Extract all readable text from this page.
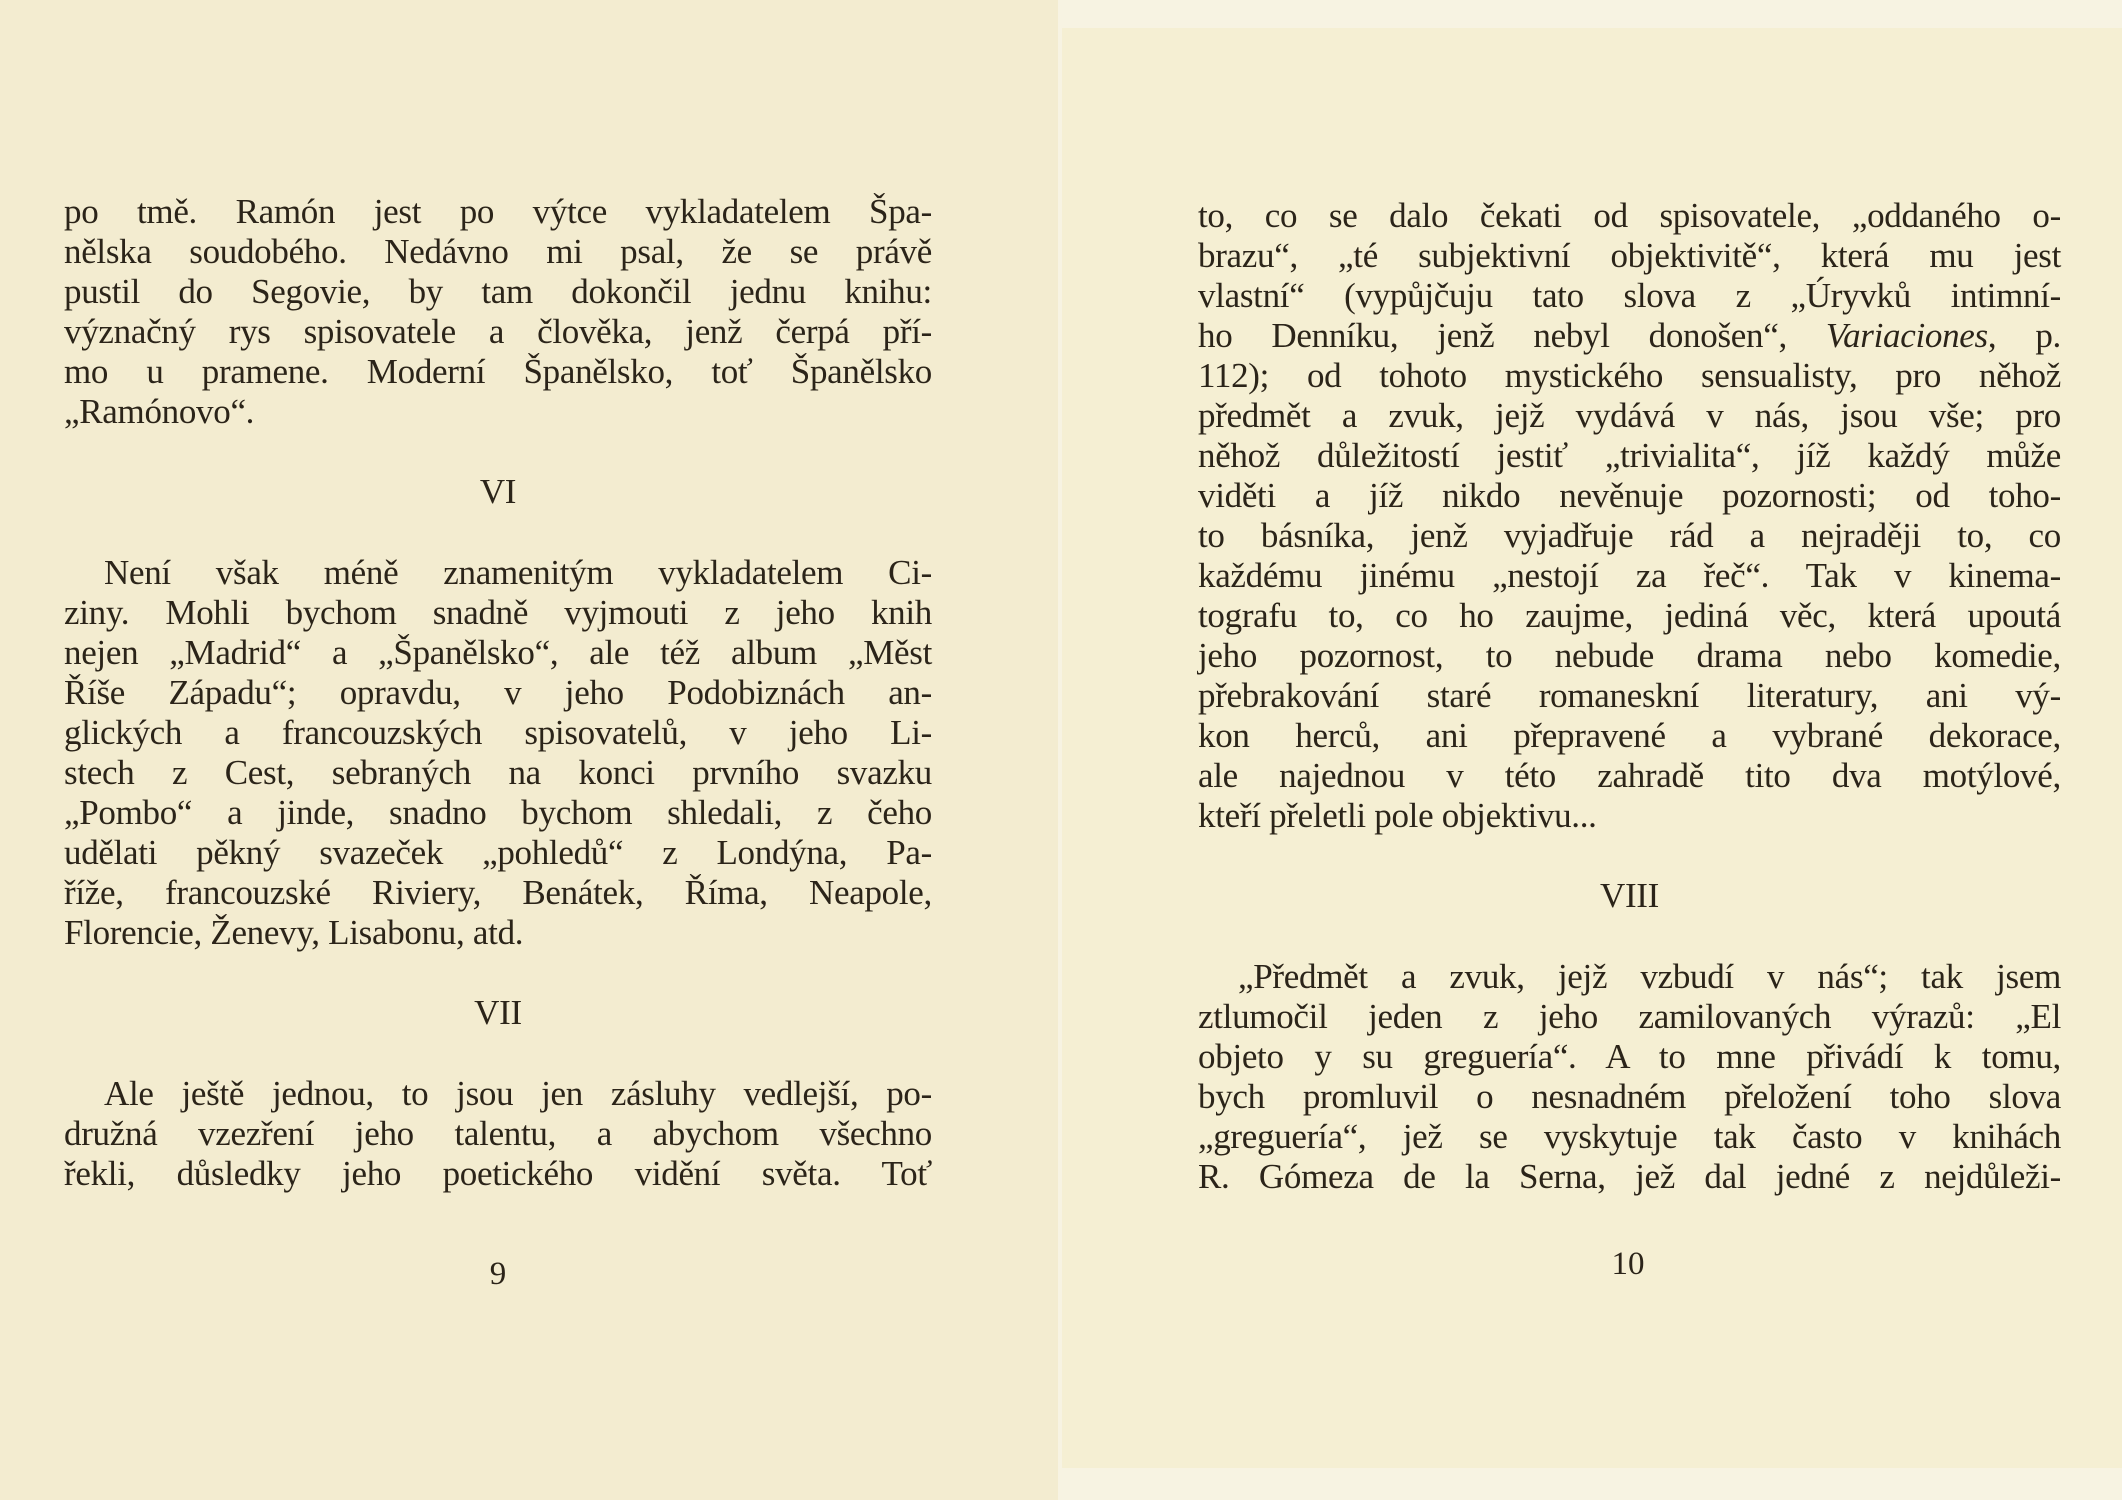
po tmě. Ramón jest po výtce vykladatelem Špa-
nělska soudobého. Nedávno mi psal, že se právě
pustil do Segovie, by tam dokončil jednu knihu:
význačný rys spisovatele a člověka, jenž čerpá pří-
mo u pramene. Moderní Španělsko, toť Španělsko
„Ramónovo“.
VI
Není však méně znamenitým vykladatelem Ci-
ziny. Mohli bychom snadně vyjmouti z jeho knih
nejen „Madrid“ a „Španělsko“, ale též album „Měst
Říše Západu“; opravdu, v jeho Podobiznách an-
glických a francouzských spisovatelů, v jeho Li-
stech z Cest, sebraných na konci prvního svazku
„Pombo“ a jinde, snadno bychom shledali, z čeho
udělati pěkný svazeček „pohledů“ z Londýna, Pa-
říže, francouzské Riviery, Benátek, Říma, Neapole,
Florencie, Ženevy, Lisabonu, atd.
VII
Ale ještě jednou, to jsou jen zásluhy vedlejší, po-
družná vzezření jeho talentu, a abychom všechno
řekli, důsledky jeho poetického vidění světa. Toť
9
to, co se dalo čekati od spisovatele, „oddaného o-
brazu“, „té subjektivní objektivitě“, která mu jest
vlastní“ (vypůjčuju tato slova z „Úryvků intimní-
ho Denníku, jenž nebyl donošen“, Variaciones, p.
112); od tohoto mystického sensualisty, pro něhož
předmět a zvuk, jejž vydává v nás, jsou vše; pro
něhož důležitostí jestiť „trivialita“, jíž každý může
viděti a jíž nikdo nevěnuje pozornosti; od toho-
to básníka, jenž vyjadřuje rád a nejraději to, co
každému jinému „nestojí za řeč“. Tak v kinema-
tografu to, co ho zaujme, jediná věc, která upoutá
jeho pozornost, to nebude drama nebo komedie,
přebrakování staré romaneskní literatury, ani vý-
kon herců, ani přepravené a vybrané dekorace,
ale najednou v této zahradě tito dva motýlové,
kteří přeletli pole objektivu...
VIII
„Předmět a zvuk, jejž vzbudí v nás“; tak jsem
ztlumočil jeden z jeho zamilovaných výrazů: „El
objeto y su greguería“. A to mne přivádí k tomu,
bych promluvil o nesnadném přeložení toho slova
„greguería“, jež se vyskytuje tak často v knihách
R. Gómeza de la Serna, jež dal jedné z nejdůleži-
10
